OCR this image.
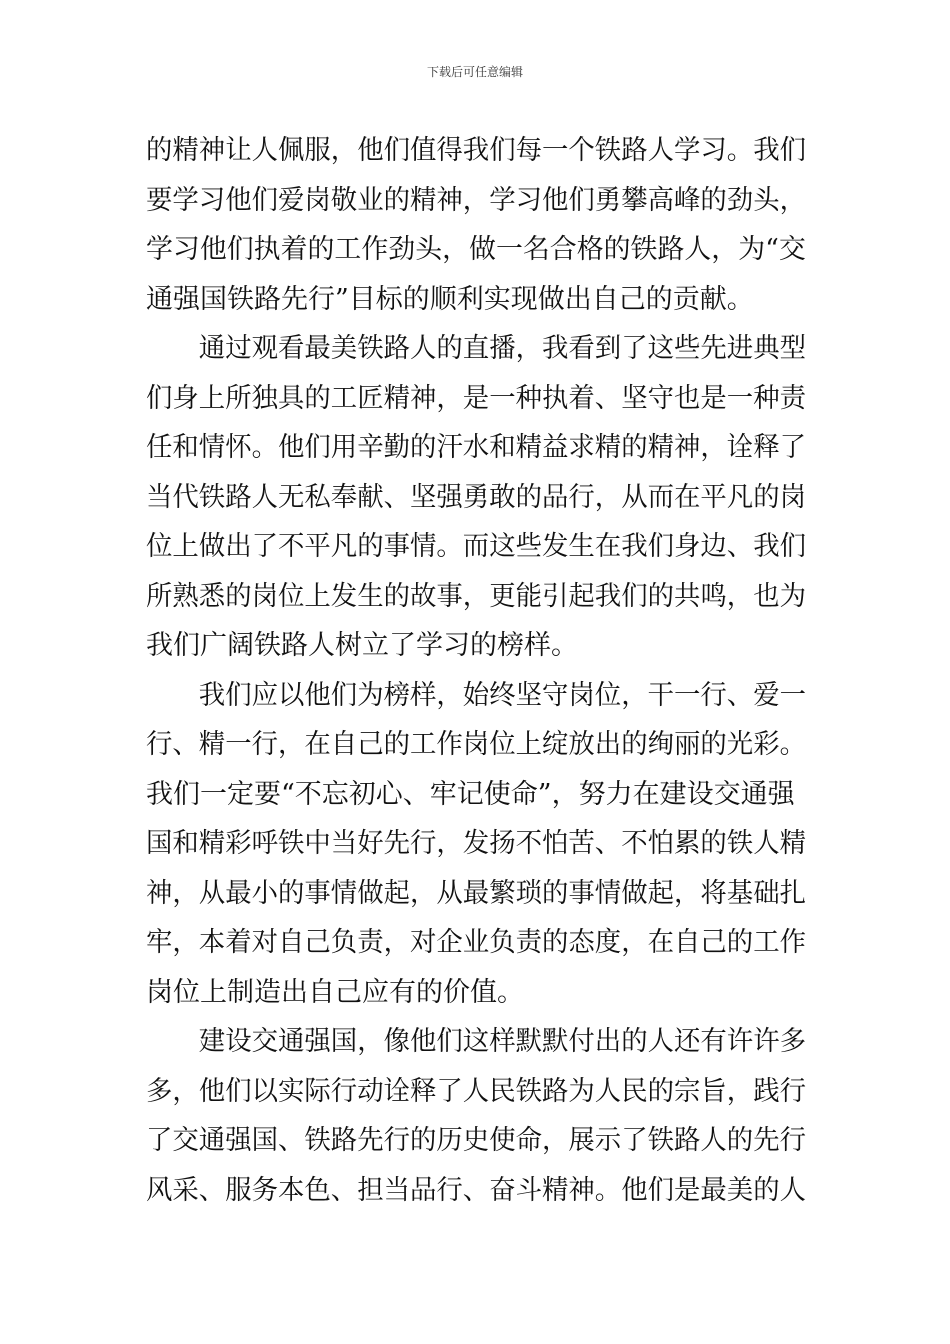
下载后可任意编辑
的精神让人佩服，他们值得我们每一个铁路人学习。我们
要学习他们爱岗敬业的精神，学习他们勇攀高峰的劲头，
学习他们执着的工作劲头，做一名合格的铁路人，为“交
通强国铁路先行”目标的顺利实现做出自己的贡献。
通过观看最美铁路人的直播，我看到了这些先进典型
们身上所独具的工匠精神，是一种执着、坚守也是一种责
任和情怀。他们用辛勤的汗水和精益求精的精神，诠释了
当代铁路人无私奉献、坚强勇敢的品行，从而在平凡的岗
位上做出了不平凡的事情。而这些发生在我们身边、我们
所熟悉的岗位上发生的故事，更能引起我们的共鸣，也为
我们广阔铁路人树立了学习的榜样。
我们应以他们为榜样，始终坚守岗位，干一行、爱一
行、精一行，在自己的工作岗位上绽放出的绚丽的光彩。
我们一定要“不忘初心、牢记使命”，努力在建设交通强
国和精彩呼铁中当好先行，发扬不怕苦、不怕累的铁人精
神，从最小的事情做起，从最繁琐的事情做起，将基础扎
牢，本着对自己负责，对企业负责的态度，在自己的工作
岗位上制造出自己应有的价值。
建设交通强国，像他们这样默默付出的人还有许许多
多，他们以实际行动诠释了人民铁路为人民的宗旨，践行
了交通强国、铁路先行的历史使命，展示了铁路人的先行
风采、服务本色、担当品行、奋斗精神。他们是最美的人
